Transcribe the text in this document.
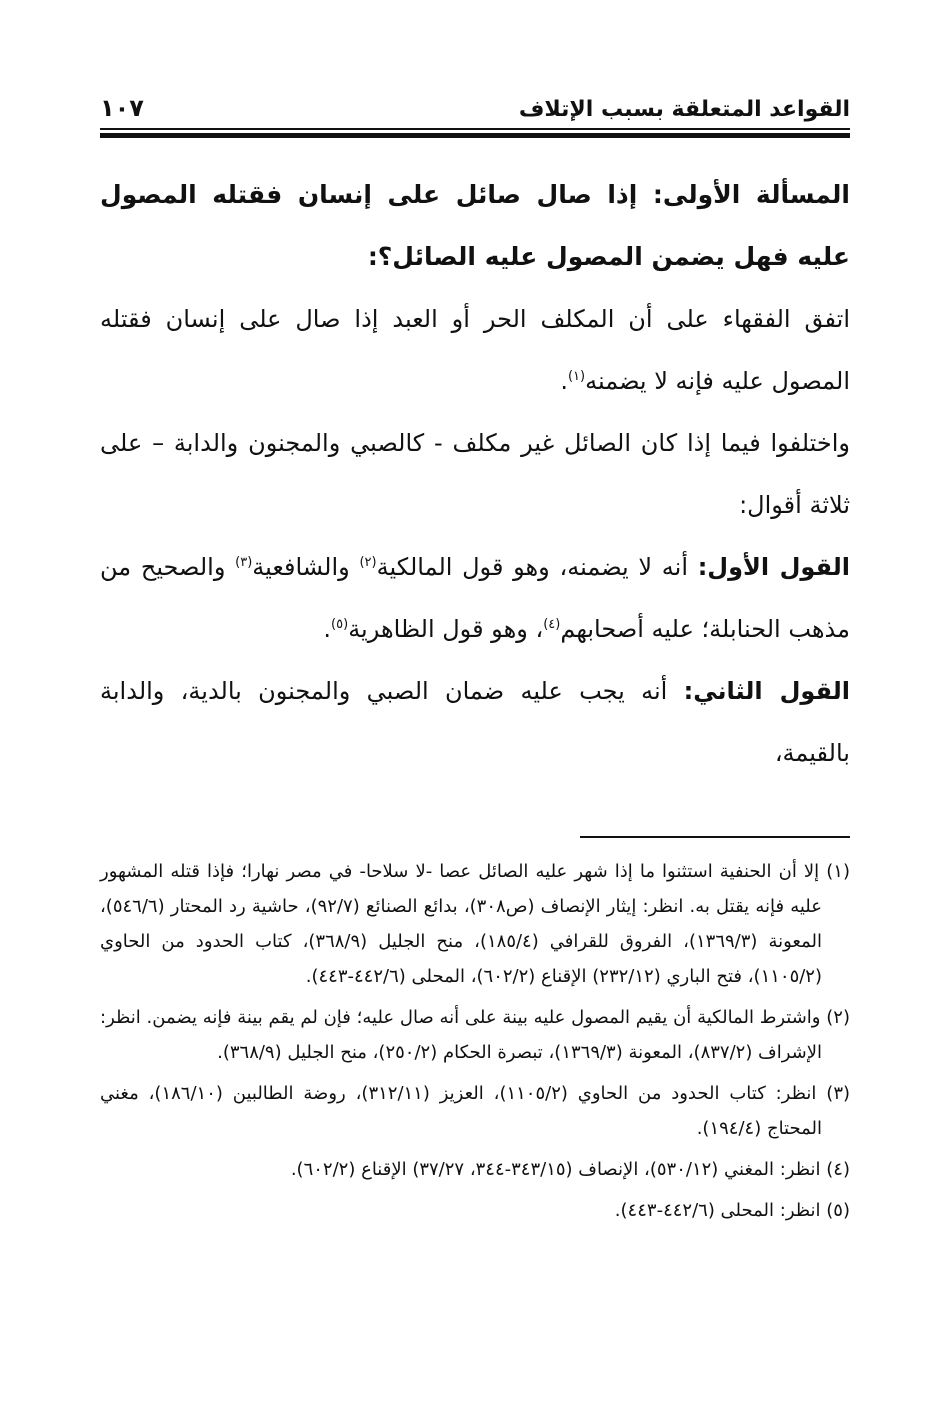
القواعد المتعلقة بسبب الإتلاف
١٠٧
المسألة الأولى: إذا صال صائل على إنسان فقتله المصول عليه فهل يضمن المصول عليه الصائل؟:

اتفق الفقهاء على أن المكلف الحر أو العبد إذا صال على إنسان فقتله المصول عليه فإنه لا يضمنه$^{(١)}$.

واختلفوا فيما إذا كان الصائل غير مكلف - كالصبي والمجنون والدابة – على ثلاثة أقوال:

القول الأول: أنه لا يضمنه، وهو قول المالكية$^{(٢)}$ والشافعية$^{(٣)}$ والصحيح من مذهب الحنابلة؛ عليه أصحابهم$^{(٤)}$، وهو قول الظاهرية$^{(٥)}$.

القول الثاني: أنه يجب عليه ضمان الصبي والمجنون بالدية، والدابة بالقيمة،

(١) إلا أن الحنفية استثنوا ما إذا شهر عليه الصائل عصا -لا سلاحا- في مصر نهارا؛ فإذا قتله المشهور عليه فإنه يقتل به. انظر: إيثار الإنصاف (ص٣٠٨)، بدائع الصنائع (٩٢/٧)، حاشية رد المحتار (٥٤٦/٦)، المعونة (١٣٦٩/٣)، الفروق للقرافي (١٨٥/٤)، منح الجليل (٣٦٨/٩)، كتاب الحدود من الحاوي (١١٠٥/٢)، فتح الباري (٢٣٢/١٢) الإقناع (٦٠٢/٢)، المحلى (٤٤٢/٦-٤٤٣).

(٢) واشترط المالكية أن يقيم المصول عليه بينة على أنه صال عليه؛ فإن لم يقم بينة فإنه يضمن. انظر: الإشراف (٨٣٧/٢)، المعونة (١٣٦٩/٣)، تبصرة الحكام (٢٥٠/٢)، منح الجليل (٣٦٨/٩).

(٣) انظر: كتاب الحدود من الحاوي (١١٠٥/٢)، العزيز (٣١٢/١١)، روضة الطالبين (١٨٦/١٠)، مغني المحتاج (١٩٤/٤).

(٤) انظر: المغني (٥٣٠/١٢)، الإنصاف (٣٤٣/١٥-٣٤٤، ٣٧/٢٧) الإقناع (٦٠٢/٢).

(٥) انظر: المحلى (٤٤٢/٦-٤٤٣).
